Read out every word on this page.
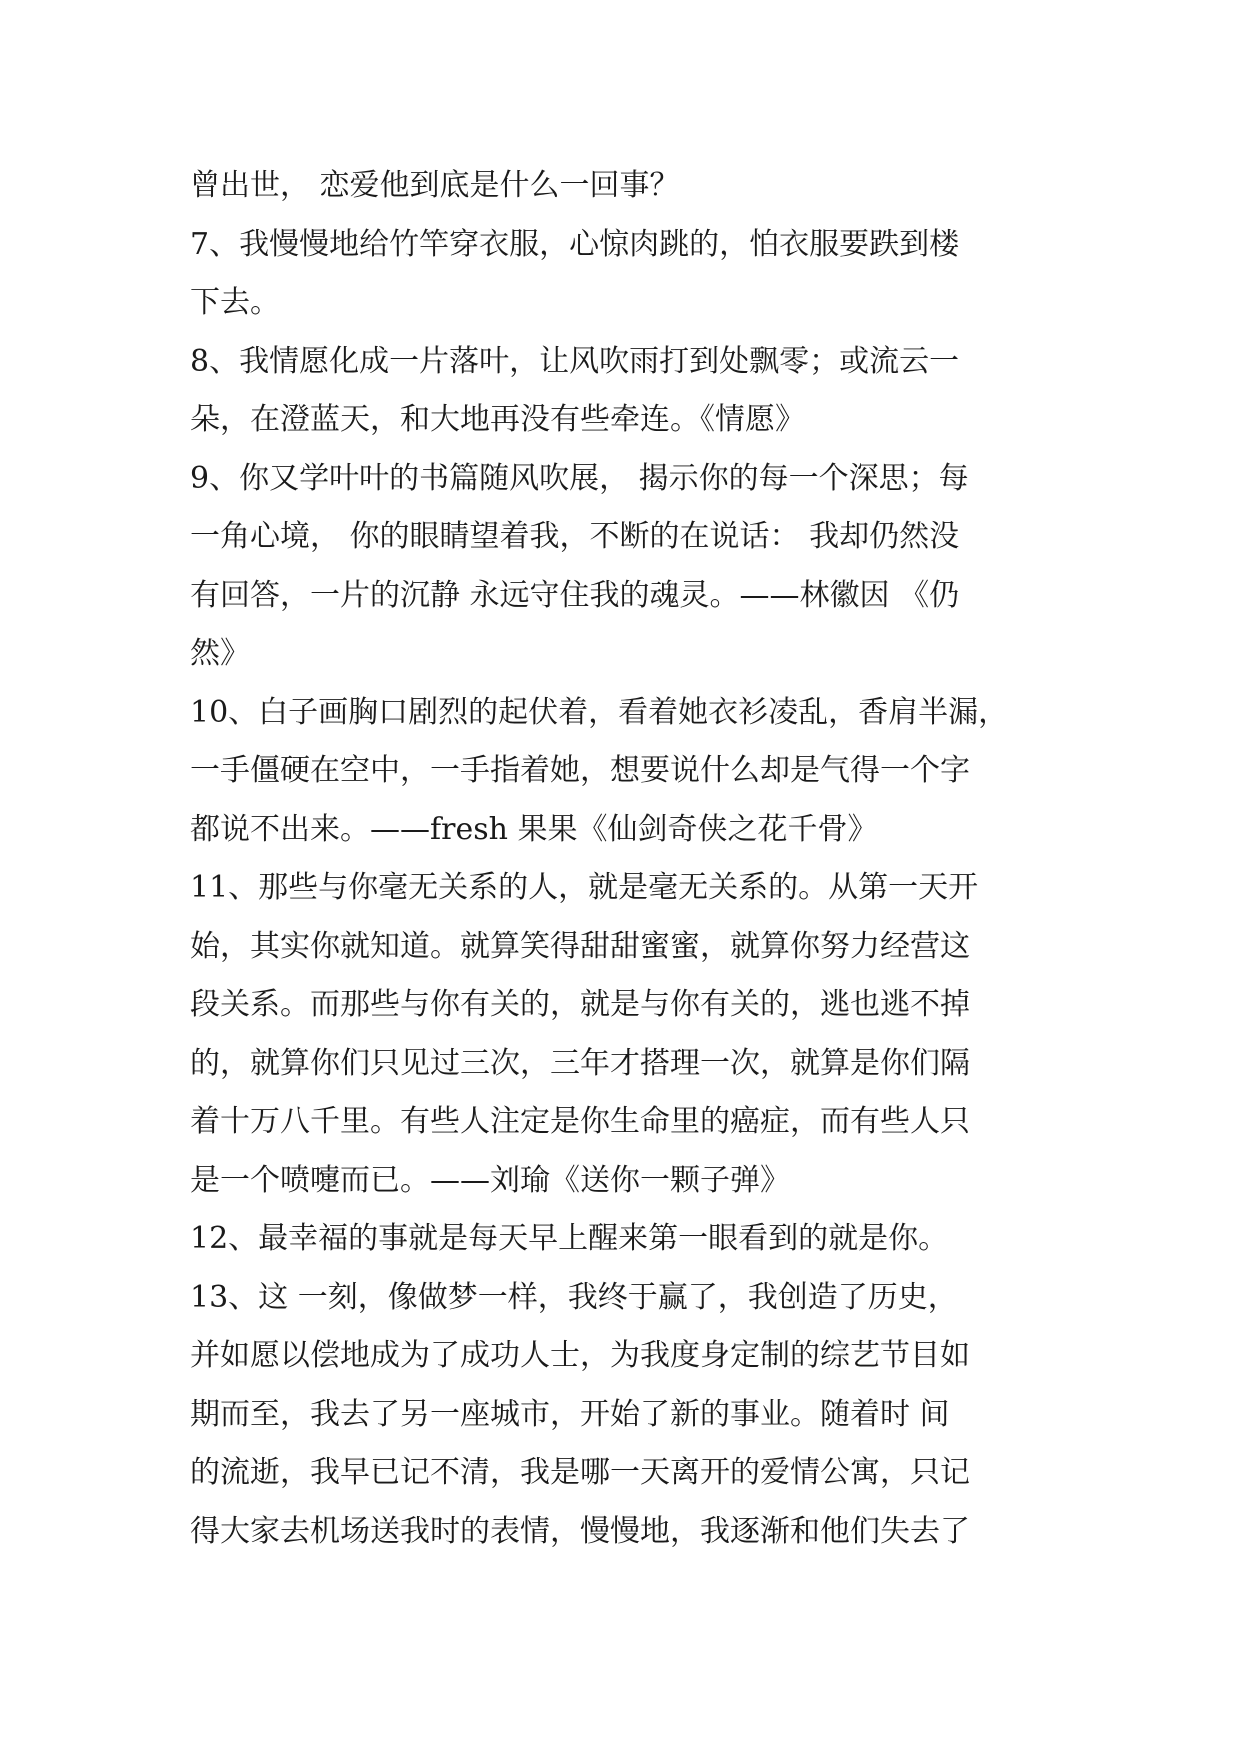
曾出世， 恋爱他到底是什么一回事？
7、我慢慢地给竹竿穿衣服，心惊肉跳的，怕衣服要跌到楼
下去。
8、我情愿化成一片落叶，让风吹雨打到处飘零；或流云一
朵，在澄蓝天，和大地再没有些牵连。《情愿》
9、你又学叶叶的书篇随风吹展， 揭示你的每一个深思；每
一角心境， 你的眼睛望着我，不断的在说话： 我却仍然没
有回答，一片的沉静 永远守住我的魂灵。——林徽因 《仍
然》
10、白子画胸口剧烈的起伏着，看着她衣衫凌乱，香肩半漏，
一手僵硬在空中，一手指着她，想要说什么却是气得一个字
都说不出来。——fresh 果果《仙剑奇侠之花千骨》
11、那些与你毫无关系的人，就是毫无关系的。从第一天开
始，其实你就知道。就算笑得甜甜蜜蜜，就算你努力经营这
段关系。而那些与你有关的，就是与你有关的，逃也逃不掉
的，就算你们只见过三次，三年才搭理一次，就算是你们隔
着十万八千里。有些人注定是你生命里的癌症，而有些人只
是一个喷嚏而已。——刘瑜《送你一颗子弹》
12、最幸福的事就是每天早上醒来第一眼看到的就是你。
13、这 一刻，像做梦一样，我终于赢了，我创造了历史，
并如愿以偿地成为了成功人士，为我度身定制的综艺节目如
期而至，我去了另一座城市，开始了新的事业。随着时 间
的流逝，我早已记不清，我是哪一天离开的爱情公寓，只记
得大家去机场送我时的表情，慢慢地，我逐渐和他们失去了
